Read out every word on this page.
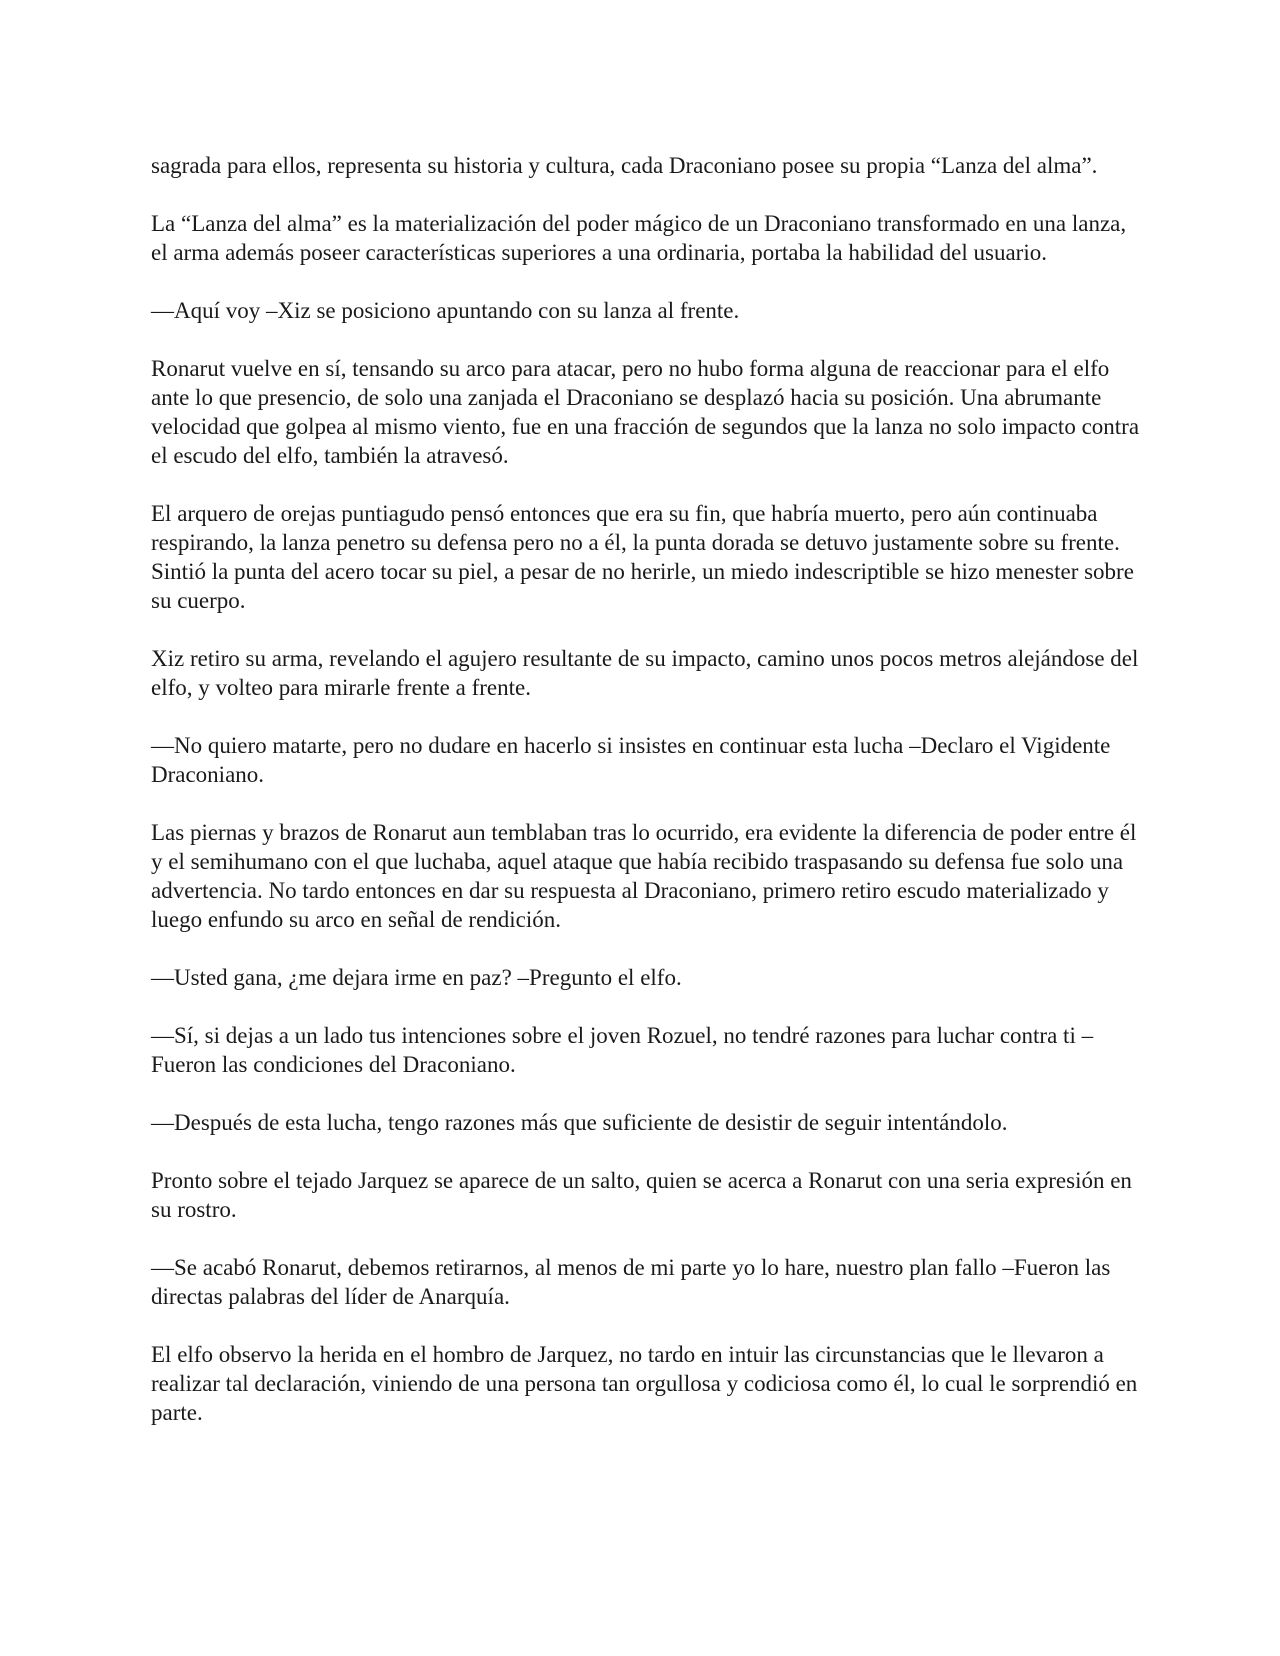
sagrada para ellos, representa su historia y cultura, cada Draconiano posee su propia “Lanza del alma”.

La “Lanza del alma” es la materialización del poder mágico de un Draconiano transformado en una lanza, el arma además poseer características superiores a una ordinaria, portaba la habilidad del usuario.

—Aquí voy –Xiz se posiciono apuntando con su lanza al frente.

Ronarut vuelve en sí, tensando su arco para atacar, pero no hubo forma alguna de reaccionar para el elfo ante lo que presencio, de solo una zanjada el Draconiano se desplazó hacia su posición. Una abrumante velocidad que golpea al mismo viento, fue en una fracción de segundos que la lanza no solo impacto contra el escudo del elfo, también la atravesó.

El arquero de orejas puntiagudo pensó entonces que era su fin, que habría muerto, pero aún continuaba respirando, la lanza penetro su defensa pero no a él, la punta dorada se detuvo justamente sobre su frente. Sintió la punta del acero tocar su piel, a pesar de no herirle, un miedo indescriptible se hizo menester sobre su cuerpo.

Xiz retiro su arma, revelando el agujero resultante de su impacto, camino unos pocos metros alejándose del elfo, y volteo para mirarle frente a frente.

—No quiero matarte, pero no dudare en hacerlo si insistes en continuar esta lucha –Declaro el Vigidente Draconiano.

Las piernas y brazos de Ronarut aun temblaban tras lo ocurrido, era evidente la diferencia de poder entre él y el semihumano con el que luchaba, aquel ataque que había recibido traspasando su defensa fue solo una advertencia. No tardo entonces en dar su respuesta al Draconiano, primero retiro escudo materializado y luego enfundo su arco en señal de rendición.

—Usted gana, ¿me dejara irme en paz? –Pregunto el elfo.

—Sí, si dejas a un lado tus intenciones sobre el joven Rozuel, no tendré razones para luchar contra ti –Fueron las condiciones del Draconiano.

—Después de esta lucha, tengo razones más que suficiente de desistir de seguir intentándolo.

Pronto sobre el tejado Jarquez se aparece de un salto, quien se acerca a Ronarut con una seria expresión en su rostro.

—Se acabó Ronarut, debemos retirarnos, al menos de mi parte yo lo hare, nuestro plan fallo –Fueron las directas palabras del líder de Anarquía.

El elfo observo la herida en el hombro de Jarquez, no tardo en intuir las circunstancias que le llevaron a realizar tal declaración, viniendo de una persona tan orgullosa y codiciosa como él, lo cual le sorprendió en parte.
